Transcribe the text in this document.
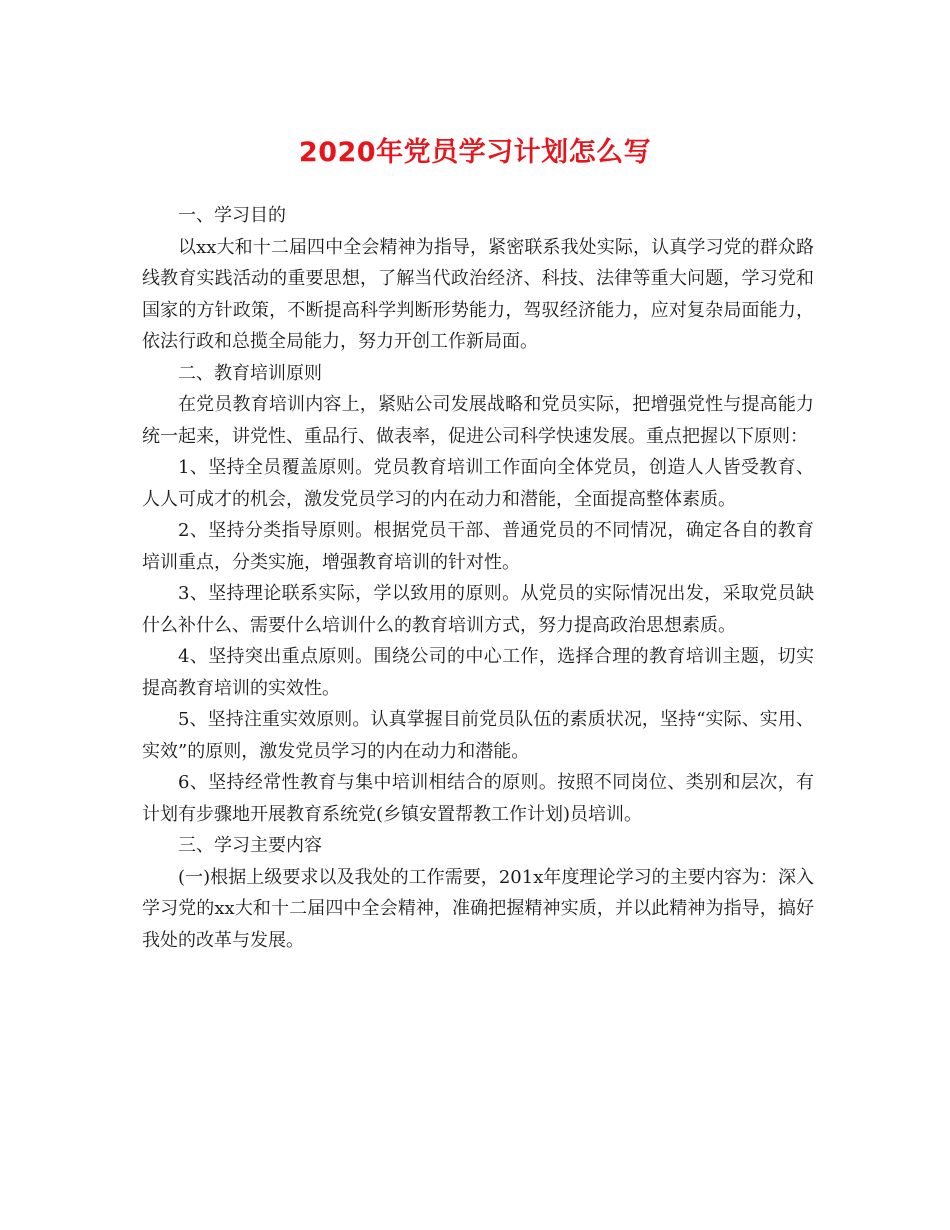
2020年党员学习计划怎么写

一、学习目的

以xx大和十二届四中全会精神为指导，紧密联系我处实际，认真学习党的群众路线教育实践活动的重要思想，了解当代政治经济、科技、法律等重大问题，学习党和国家的方针政策，不断提高科学判断形势能力，驾驭经济能力，应对复杂局面能力，依法行政和总揽全局能力，努力开创工作新局面。

二、教育培训原则

在党员教育培训内容上，紧贴公司发展战略和党员实际，把增强党性与提高能力统一起来，讲党性、重品行、做表率，促进公司科学快速发展。重点把握以下原则：

1、坚持全员覆盖原则。党员教育培训工作面向全体党员，创造人人皆受教育、人人可成才的机会，激发党员学习的内在动力和潜能，全面提高整体素质。

2、坚持分类指导原则。根据党员干部、普通党员的不同情况，确定各自的教育培训重点，分类实施，增强教育培训的针对性。

3、坚持理论联系实际，学以致用的原则。从党员的实际情况出发，采取党员缺什么补什么、需要什么培训什么的教育培训方式，努力提高政治思想素质。

4、坚持突出重点原则。围绕公司的中心工作，选择合理的教育培训主题，切实提高教育培训的实效性。

5、坚持注重实效原则。认真掌握目前党员队伍的素质状况，坚持“实际、实用、实效”的原则，激发党员学习的内在动力和潜能。

6、坚持经常性教育与集中培训相结合的原则。按照不同岗位、类别和层次，有计划有步骤地开展教育系统党(乡镇安置帮教工作计划)员培训。

三、学习主要内容

(一)根据上级要求以及我处的工作需要，201x年度理论学习的主要内容为：深入学习党的xx大和十二届四中全会精神，准确把握精神实质，并以此精神为指导，搞好我处的改革与发展。
